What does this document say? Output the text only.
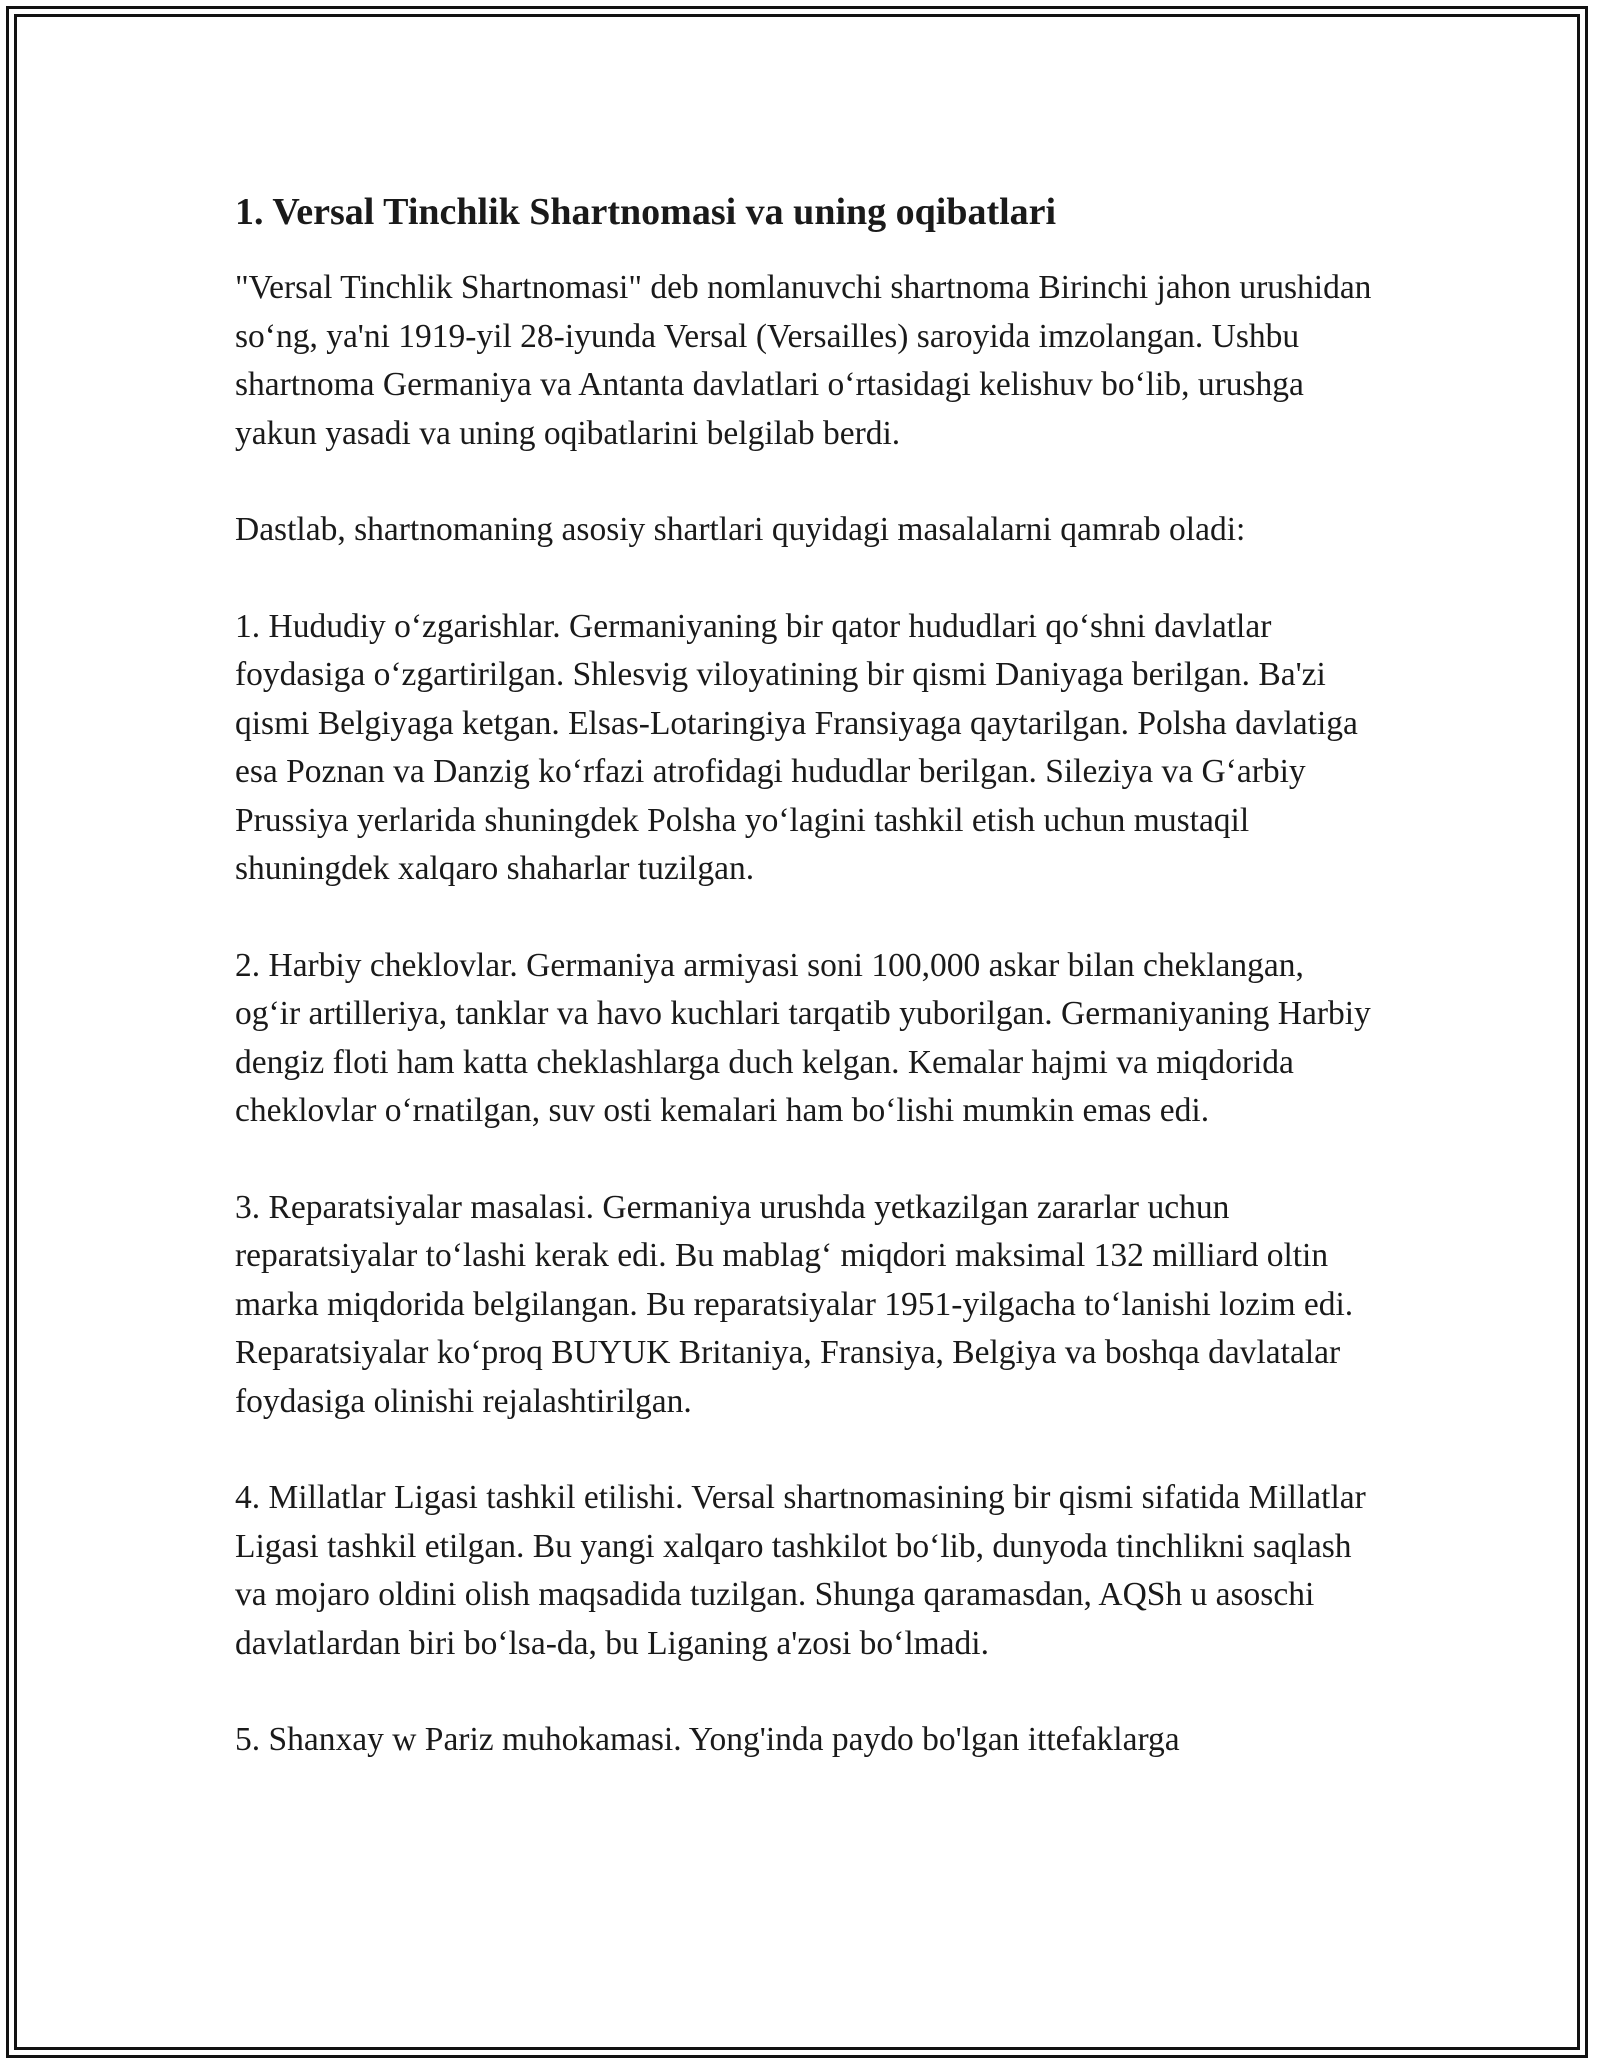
1. Versal Tinchlik Shartnomasi va uning oqibatlari

"Versal Tinchlik Shartnomasi" deb nomlanuvchi shartnoma Birinchi jahon urushidan so‘ng, ya'ni 1919-yil 28-iyunda Versal (Versailles) saroyida imzolangan. Ushbu shartnoma Germaniya va Antanta davlatlari o‘rtasidagi kelishuv bo‘lib, urushga yakun yasadi va uning oqibatlarini belgilab berdi.

Dastlab, shartnomaning asosiy shartlari quyidagi masalalarni qamrab oladi:

1. Hududiy o‘zgarishlar. Germaniyaning bir qator hududlari qo‘shni davlatlar foydasiga o‘zgartirilgan. Shlesvig viloyatining bir qismi Daniyaga berilgan. Ba'zi qismi Belgiyaga ketgan. Elsas-Lotaringiya Fransiyaga qaytarilgan. Polsha davlatiga esa Poznan va Danzig ko‘rfazi atrofidagi hududlar berilgan. Sileziya va G‘arbiy Prussiya yerlarida shuningdek Polsha yo‘lagini tashkil etish uchun mustaqil shuningdek xalqaro shaharlar tuzilgan.

2. Harbiy cheklovlar. Germaniya armiyasi soni 100,000 askar bilan cheklangan, og‘ir artilleriya, tanklar va havo kuchlari tarqatib yuborilgan. Germaniyaning Harbiy dengiz floti ham katta cheklashlarga duch kelgan. Kemalar hajmi va miqdorida cheklovlar o‘rnatilgan, suv osti kemalari ham bo‘lishi mumkin emas edi.

3. Reparatsiyalar masalasi. Germaniya urushda yetkazilgan zararlar uchun reparatsiyalar to‘lashi kerak edi. Bu mablag‘ miqdori maksimal 132 milliard oltin marka miqdorida belgilangan. Bu reparatsiyalar 1951-yilgacha to‘lanishi lozim edi. Reparatsiyalar ko‘proq BUYUK Britaniya, Fransiya, Belgiya va boshqa davlatalar foydasiga olinishi rejalashtirilgan.

4. Millatlar Ligasi tashkil etilishi. Versal shartnomasining bir qismi sifatida Millatlar Ligasi tashkil etilgan. Bu yangi xalqaro tashkilot bo‘lib, dunyoda tinchlikni saqlash va mojaro oldini olish maqsadida tuzilgan. Shunga qaramasdan, AQSh u asoschi davlatlardan biri bo‘lsa-da, bu Liganing a'zosi bo‘lmadi.

5. Shanxay w Pariz muhokamasi. Yong'inda paydo bo'lgan ittefaklarga
